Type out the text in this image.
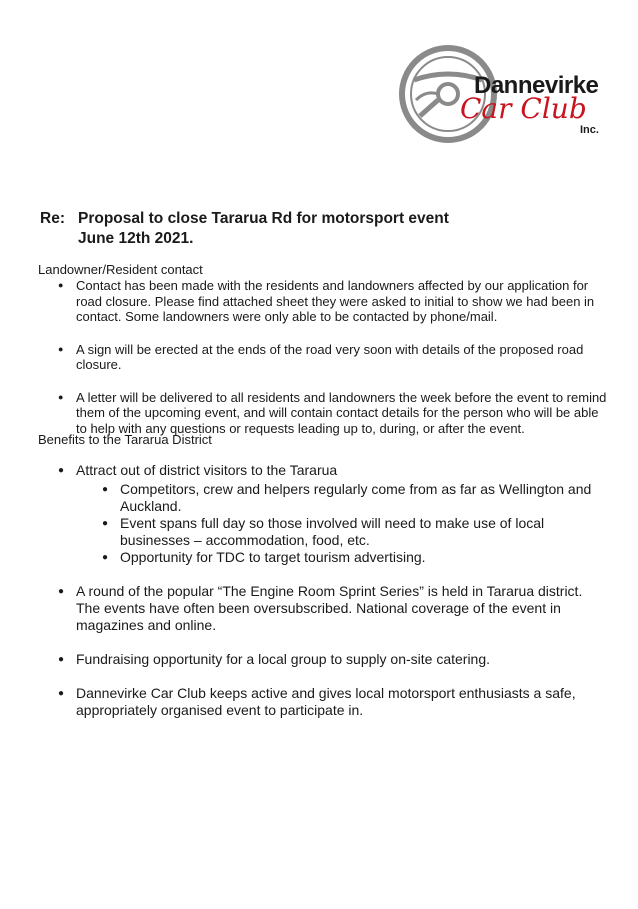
Dannevirke
Car Club
Inc.
Re: Proposal to close Tararua Rd for motorsport event
June 12th 2021.
Landowner/Resident contact
● Contact has been made with the residents and landowners affected by our application for road closure. Please find attached sheet they were asked to initial to show we had been in contact. Some landowners were only able to be contacted by phone/mail.
● A sign will be erected at the ends of the road very soon with details of the proposed road closure.
● A letter will be delivered to all residents and landowners the week before the event to remind them of the upcoming event, and will contain contact details for the person who will be able to help with any questions or requests leading up to, during, or after the event.
Benefits to the Tararua District
● Attract out of district visitors to the Tararua
● Competitors, crew and helpers regularly come from as far as Wellington and Auckland.
● Event spans full day so those involved will need to make use of local businesses – accommodation, food, etc.
● Opportunity for TDC to target tourism advertising.
● A round of the popular “The Engine Room Sprint Series” is held in Tararua district. The events have often been oversubscribed. National coverage of the event in magazines and online.
● Fundraising opportunity for a local group to supply on-site catering.
● Dannevirke Car Club keeps active and gives local motorsport enthusiasts a safe, appropriately organised event to participate in.
